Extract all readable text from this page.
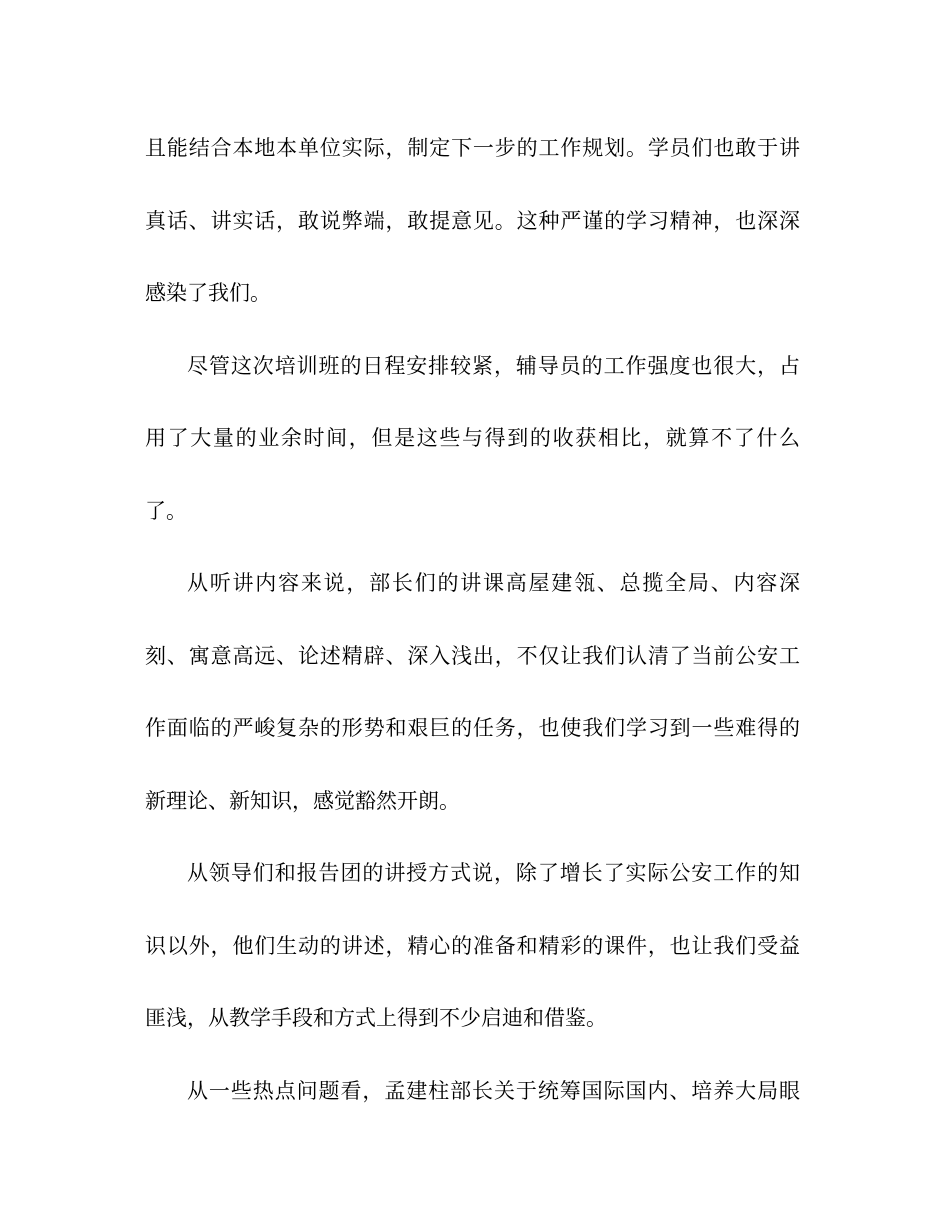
且能结合本地本单位实际，制定下一步的工作规划。学员们也敢于讲
真话、讲实话，敢说弊端，敢提意见。这种严谨的学习精神，也深深
感染了我们。
尽管这次培训班的日程安排较紧，辅导员的工作强度也很大，占
用了大量的业余时间，但是这些与得到的收获相比，就算不了什么
了。
从听讲内容来说，部长们的讲课高屋建瓴、总揽全局、内容深
刻、寓意高远、论述精辟、深入浅出，不仅让我们认清了当前公安工
作面临的严峻复杂的形势和艰巨的任务，也使我们学习到一些难得的
新理论、新知识，感觉豁然开朗。
从领导们和报告团的讲授方式说，除了增长了实际公安工作的知
识以外，他们生动的讲述，精心的准备和精彩的课件，也让我们受益
匪浅，从教学手段和方式上得到不少启迪和借鉴。
从一些热点问题看，孟建柱部长关于统筹国际国内、培养大局眼
